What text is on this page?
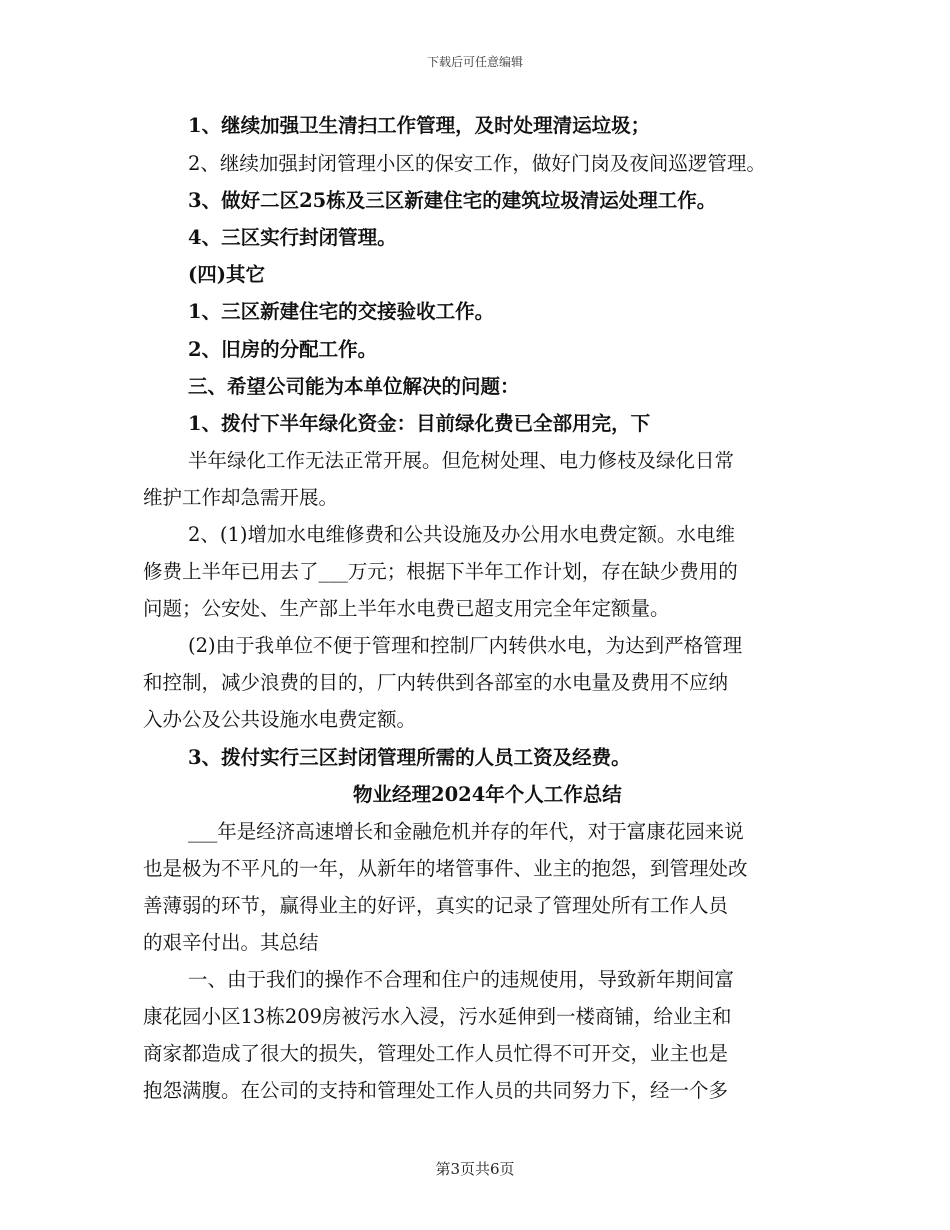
下载后可任意编辑
1、继续加强卫生清扫工作管理，及时处理清运垃圾；
2、继续加强封闭管理小区的保安工作，做好门岗及夜间巡逻管理。
3、做好二区25栋及三区新建住宅的建筑垃圾清运处理工作。
4、三区实行封闭管理。
(四)其它
1、三区新建住宅的交接验收工作。
2、旧房的分配工作。
三、希望公司能为本单位解决的问题：
1、拨付下半年绿化资金：目前绿化费已全部用完，下
半年绿化工作无法正常开展。但危树处理、电力修枝及绿化日常
维护工作却急需开展。
2、(1)增加水电维修费和公共设施及办公用水电费定额。水电维
修费上半年已用去了___万元；根据下半年工作计划，存在缺少费用的
问题；公安处、生产部上半年水电费已超支用完全年定额量。
(2)由于我单位不便于管理和控制厂内转供水电，为达到严格管理
和控制，减少浪费的目的，厂内转供到各部室的水电量及费用不应纳
入办公及公共设施水电费定额。
3、拨付实行三区封闭管理所需的人员工资及经费。
物业经理2024年个人工作总结
___年是经济高速增长和金融危机并存的年代，对于富康花园来说
也是极为不平凡的一年，从新年的堵管事件、业主的抱怨，到管理处改
善薄弱的环节，赢得业主的好评，真实的记录了管理处所有工作人员
的艰辛付出。其总结
一、由于我们的操作不合理和住户的违规使用，导致新年期间富
康花园小区13栋209房被污水入浸，污水延伸到一楼商铺，给业主和
商家都造成了很大的损失，管理处工作人员忙得不可开交，业主也是
抱怨满腹。在公司的支持和管理处工作人员的共同努力下，经一个多
第3页共6页
